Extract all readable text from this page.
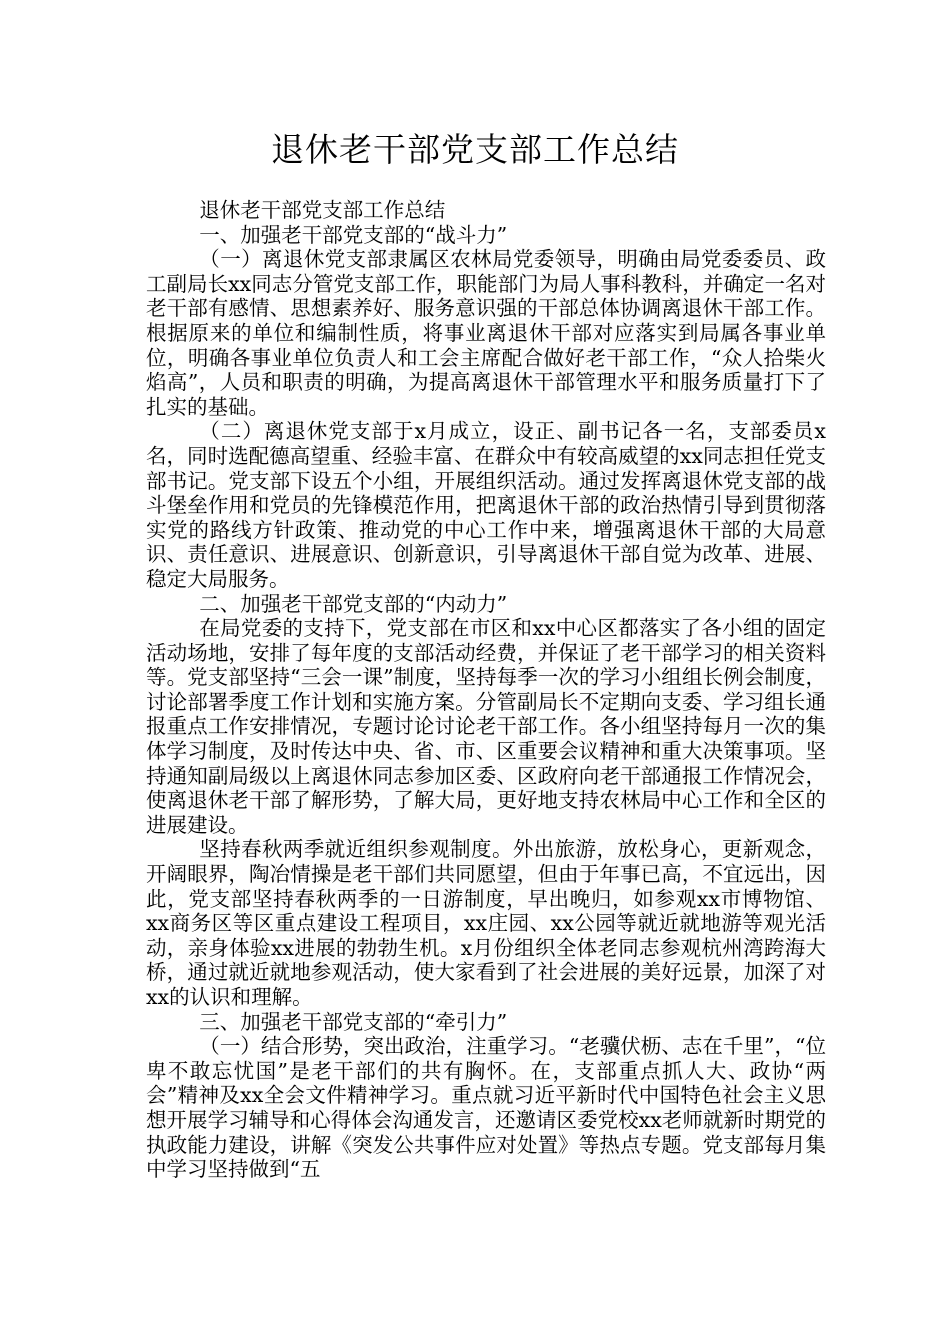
退休老干部党支部工作总结

退休老干部党支部工作总结

一、加强老干部党支部的“战斗力”

（一）离退休党支部隶属区农林局党委领导，明确由局党委委员、政工副局长xx同志分管党支部工作，职能部门为局人事科教科，并确定一名对老干部有感情、思想素养好、服务意识强的干部总体协调离退休干部工作。根据原来的单位和编制性质，将事业离退休干部对应落实到局属各事业单位，明确各事业单位负责人和工会主席配合做好老干部工作，“众人拾柴火焰高”，人员和职责的明确，为提高离退休干部管理水平和服务质量打下了扎实的基础。

（二）离退休党支部于x月成立，设正、副书记各一名，支部委员x名，同时选配德高望重、经验丰富、在群众中有较高威望的xx同志担任党支部书记。党支部下设五个小组，开展组织活动。通过发挥离退休党支部的战斗堡垒作用和党员的先锋模范作用，把离退休干部的政治热情引导到贯彻落实党的路线方针政策、推动党的中心工作中来，增强离退休干部的大局意识、责任意识、进展意识、创新意识，引导离退休干部自觉为改革、进展、稳定大局服务。

二、加强老干部党支部的“内动力”

在局党委的支持下，党支部在市区和xx中心区都落实了各小组的固定活动场地，安排了每年度的支部活动经费，并保证了老干部学习的相关资料等。党支部坚持“三会一课”制度，坚持每季一次的学习小组组长例会制度，讨论部署季度工作计划和实施方案。分管副局长不定期向支委、学习组长通报重点工作安排情况，专题讨论讨论老干部工作。各小组坚持每月一次的集体学习制度，及时传达中央、省、市、区重要会议精神和重大决策事项。坚持通知副局级以上离退休同志参加区委、区政府向老干部通报工作情况会，使离退休老干部了解形势，了解大局，更好地支持农林局中心工作和全区的进展建设。

坚持春秋两季就近组织参观制度。外出旅游，放松身心，更新观念，开阔眼界，陶冶情操是老干部们共同愿望，但由于年事已高，不宜远出，因此，党支部坚持春秋两季的一日游制度，早出晚归，如参观xx市博物馆、xx商务区等区重点建设工程项目，xx庄园、xx公园等就近就地游等观光活动，亲身体验xx进展的勃勃生机。x月份组织全体老同志参观杭州湾跨海大桥，通过就近就地参观活动，使大家看到了社会进展的美好远景，加深了对xx的认识和理解。

三、加强老干部党支部的“牵引力”

（一）结合形势，突出政治，注重学习。“老骥伏枥、志在千里”，“位卑不敢忘忧国”是老干部们的共有胸怀。在，支部重点抓人大、政协“两会”精神及xx全会文件精神学习。重点就习近平新时代中国特色社会主义思想开展学习辅导和心得体会沟通发言，还邀请区委党校xx老师就新时期党的执政能力建设，讲解《突发公共事件应对处置》等热点专题。党支部每月集中学习坚持做到“五
